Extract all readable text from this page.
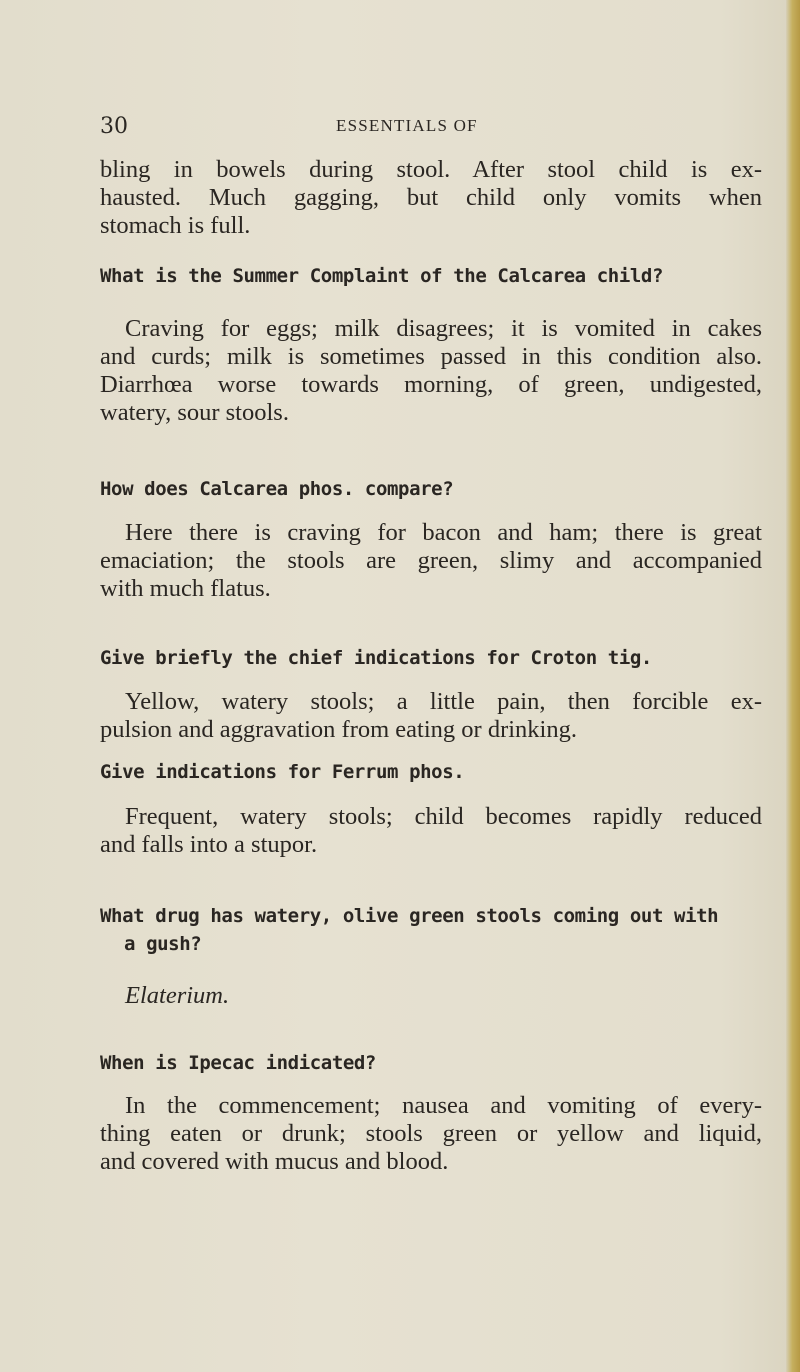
30	ESSENTIALS OF
bling in bowels during stool. After stool child is ex-
hausted. Much gagging, but child only vomits when
stomach is full.
What is the Summer Complaint of the Calcarea child?
Craving for eggs; milk disagrees; it is vomited in cakes
and curds; milk is sometimes passed in this condition also.
Diarrhœa worse towards morning, of green, undigested,
watery, sour stools.
How does Calcarea phos. compare?
Here there is craving for bacon and ham; there is great
emaciation; the stools are green, slimy and accompanied
with much flatus.
Give briefly the chief indications for Croton tig.
Yellow, watery stools; a little pain, then forcible ex-
pulsion and aggravation from eating or drinking.
Give indications for Ferrum phos.
Frequent, watery stools; child becomes rapidly reduced
and falls into a stupor.
What drug has watery, olive green stools coming out with
a gush?
Elaterium.
When is Ipecac indicated?
In the commencement; nausea and vomiting of every-
thing eaten or drunk; stools green or yellow and liquid,
and covered with mucus and blood.
